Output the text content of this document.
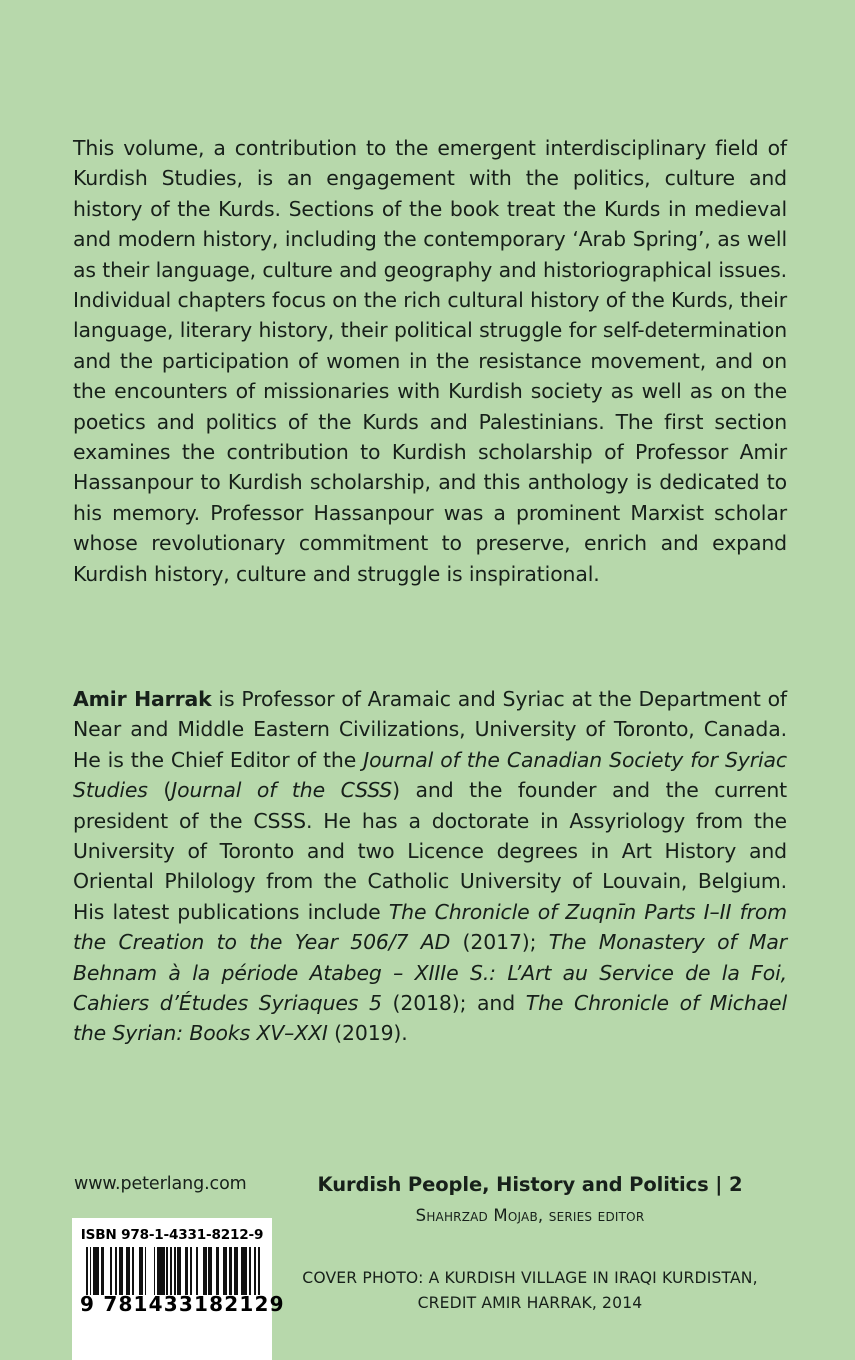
This volume, a contribution to the emergent interdisciplinary field of Kurdish Studies, is an engagement with the politics, culture and history of the Kurds. Sections of the book treat the Kurds in medieval and modern history, including the contemporary ‘Arab Spring’, as well as their language, culture and geography and historiographical issues. Individual chapters focus on the rich cultural history of the Kurds, their language, literary history, their political struggle for self-determination and the participation of women in the resistance movement, and on the encounters of missionaries with Kurdish society as well as on the poetics and politics of the Kurds and Palestinians. The first section examines the contribution to Kurdish scholarship of Professor Amir Hassanpour to Kurdish scholarship, and this anthology is dedicated to his memory. Professor Hassanpour was a prominent Marxist scholar whose revolutionary commitment to preserve, enrich and expand Kurdish history, culture and struggle is inspirational.
Amir Harrak is Professor of Aramaic and Syriac at the Department of Near and Middle Eastern Civilizations, University of Toronto, Canada. He is the Chief Editor of the Journal of the Canadian Society for Syriac Studies (Journal of the CSSS) and the founder and the current president of the CSSS. He has a doctorate in Assyriology from the University of Toronto and two Licence degrees in Art History and Oriental Philology from the Catholic University of Louvain, Belgium. His latest publications include The Chronicle of Zuqnīn Parts I–II from the Creation to the Year 506/7 AD (2017); The Monastery of Mar Behnam à la période Atabeg – XIIIe S.: L’Art au Service de la Foi, Cahiers d’Études Syriaques 5 (2018); and The Chronicle of Michael the Syrian: Books XV–XXI (2019).
www.peterlang.com	Kurdish People, History and Politics | 2
Shahrzad Mojab, series editor
COVER PHOTO: A KURDISH VILLAGE IN IRAQI KURDISTAN,
CREDIT AMIR HARRAK, 2014
ISBN 978-1-4331-8212-9
9 781433 182129
